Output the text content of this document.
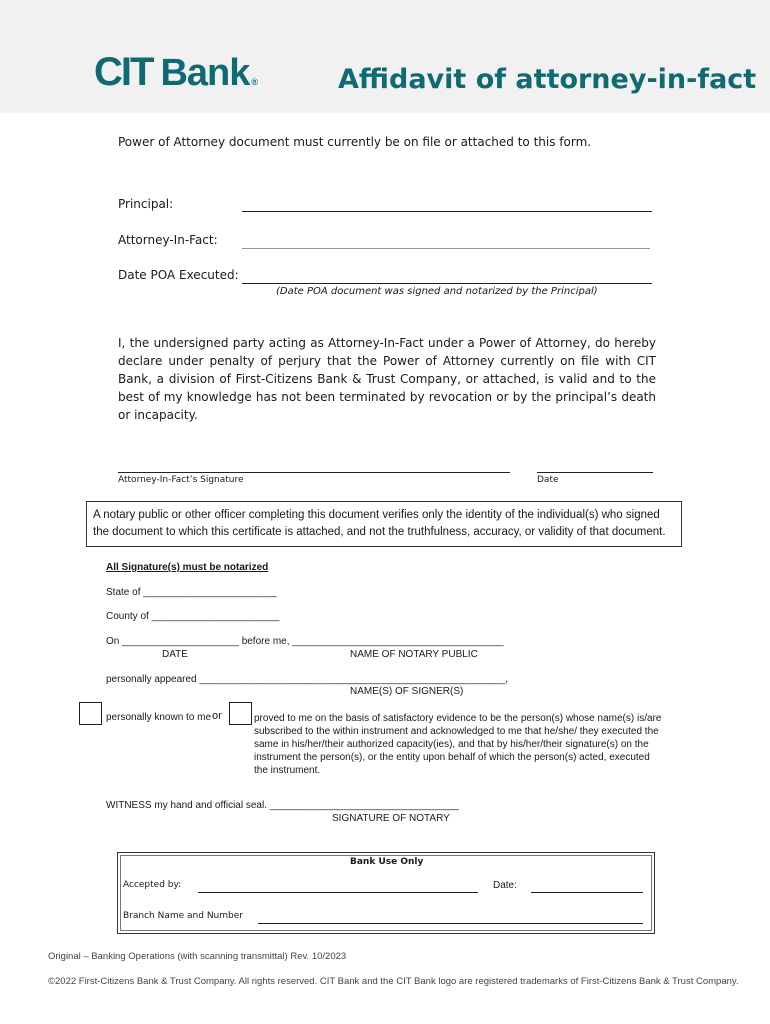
CIT Bank ®	Affidavit of attorney-in-fact
Power of Attorney document must currently be on file or attached to this form.
Principal:
Attorney-In-Fact:
Date POA Executed:
(Date POA document was signed and notarized by the Principal)
I, the undersigned party acting as Attorney-In-Fact under a Power of Attorney, do hereby declare under penalty of perjury that the Power of Attorney currently on file with CIT Bank, a division of First-Citizens Bank & Trust Company, or attached, is valid and to the best of my knowledge has not been terminated by revocation or by the principal’s death or incapacity.
Attorney-In-Fact’s Signature	Date
A notary public or other officer completing this document verifies only the identity of the individual(s) who signed the document to which this certificate is attached, and not the truthfulness, accuracy, or validity of that document.
All Signature(s) must be notarized
State of ________________________
County of _______________________
On _____________________ before me, ______________________________________
DATE	NAME OF NOTARY PUBLIC
personally appeared _______________________________________________________,
NAME(S) OF SIGNER(S)
personally known to me or	proved to me on the basis of satisfactory evidence to be the person(s) whose name(s) is/are subscribed to the within instrument and acknowledged to me that he/she/ they executed the same in his/her/their authorized capacity(ies), and that by his/her/their signature(s) on the instrument the person(s), or the entity upon behalf of which the person(s) acted, executed the instrument.
WITNESS my hand and official seal. __________________________________
SIGNATURE OF NOTARY
Bank Use Only
Accepted by:	Date:
Branch Name and Number
Original – Banking Operations (with scanning transmittal) Rev. 10/2023
©2022 First-Citizens Bank & Trust Company. All rights reserved. CIT Bank and the CIT Bank logo are registered trademarks of First-Citizens Bank & Trust Company.
